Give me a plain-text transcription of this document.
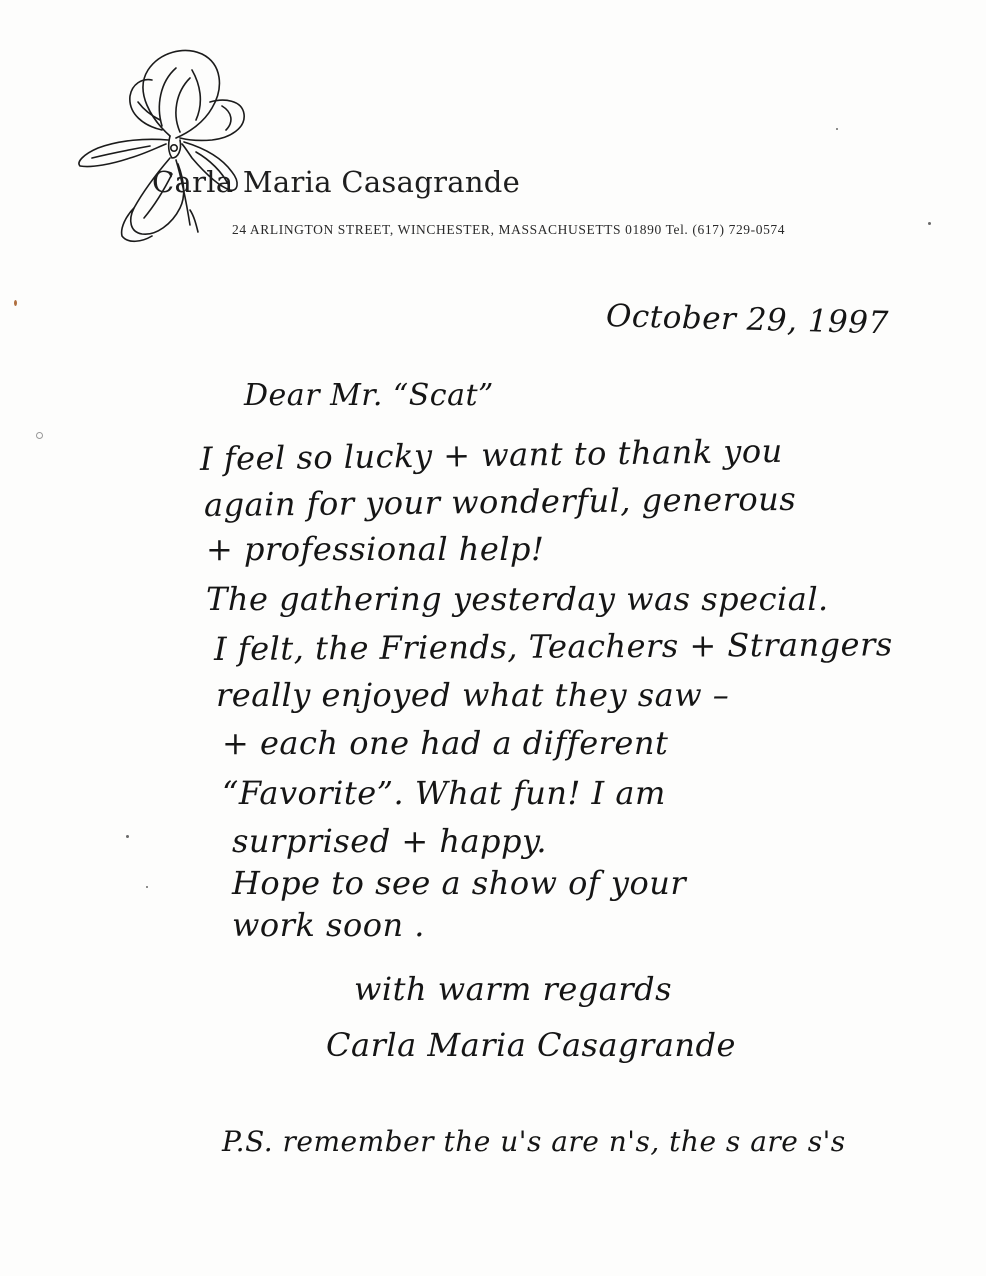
Carla Maria Casagrande
24 ARLINGTON STREET, WINCHESTER, MASSACHUSETTS 01890 Tel. (617) 729-0574
October 29, 1997
Dear Mr. “Scat”
I feel so lucky + want to thank you
again for your wonderful, generous
+ professional help!
The gathering yesterday was special.
I felt, the Friends, Teachers + Strangers
really enjoyed what they saw –
+ each one had a different
“Favorite”. What fun! I am
surprised + happy.
Hope to see a show of your
work soon .
with warm regards
Carla Maria Casagrande
P.S. remember the u's are n's, the s are s's
